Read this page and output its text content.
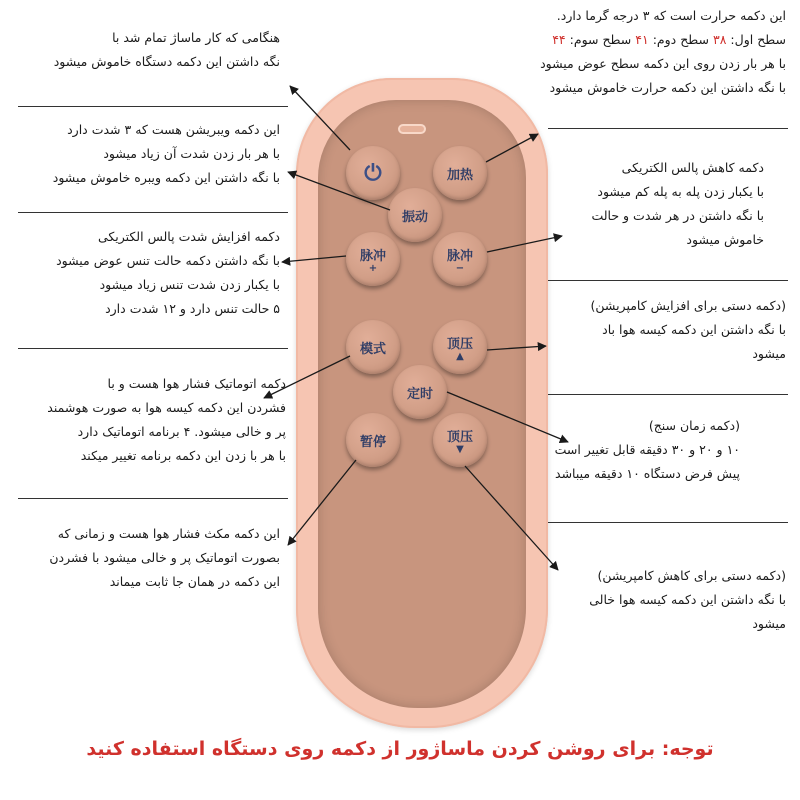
⏻	加热
振动
脉冲
+
脉冲
−
模式	顶压
▲
定时
暂停	顶压
▼
هنگامی که کار ماساژ تمام شد با
نگه داشتن این دکمه دستگاه خاموش میشود
این دکمه ویبریشن هست که ۳ شدت دارد
با هر بار زدن شدت آن زیاد میشود
با نگه داشتن این دکمه ویبره خاموش میشود
دکمه افزایش شدت پالس الکتریکی
با نگه داشتن دکمه حالت تنس عوض میشود
با یکبار زدن شدت تنس زیاد میشود
۵ حالت تنس دارد و ۱۲ شدت دارد
دکمه اتوماتیک فشار هوا هست و با
فشردن این دکمه کیسه هوا به صورت هوشمند
پر و خالی میشود. ۴ برنامه اتوماتیک دارد
با هر با زدن این دکمه برنامه تغییر میکند
این دکمه مکث فشار هوا هست و زمانی که
بصورت اتوماتیک پر و خالی میشود با فشردن
این دکمه در همان جا ثابت میماند
این دکمه حرارت است که ۳ درجه گرما دارد.
سطح اول: ۳۸ سطح دوم: ۴۱ سطح سوم: ۴۴
با هر بار زدن روی این دکمه سطح عوض میشود
با نگه داشتن این دکمه حرارت خاموش میشود
دکمه کاهش پالس الکتریکی
با یکبار زدن پله به پله کم میشود
با نگه داشتن در هر شدت و حالت
خاموش میشود
(دکمه دستی برای افزایش کامپریشن)
با نگه داشتن این دکمه کیسه هوا باد
میشود
(دکمه زمان سنج)
۱۰ و ۲۰ و ۳۰ دقیقه قابل تغییر است
پیش فرض دستگاه ۱۰ دقیقه میباشد
(دکمه دستی برای کاهش کامپریشن)
با نگه داشتن این دکمه کیسه هوا خالی
میشود
توجه: برای روشن کردن ماساژور از دکمه روی دستگاه استفاده کنید
